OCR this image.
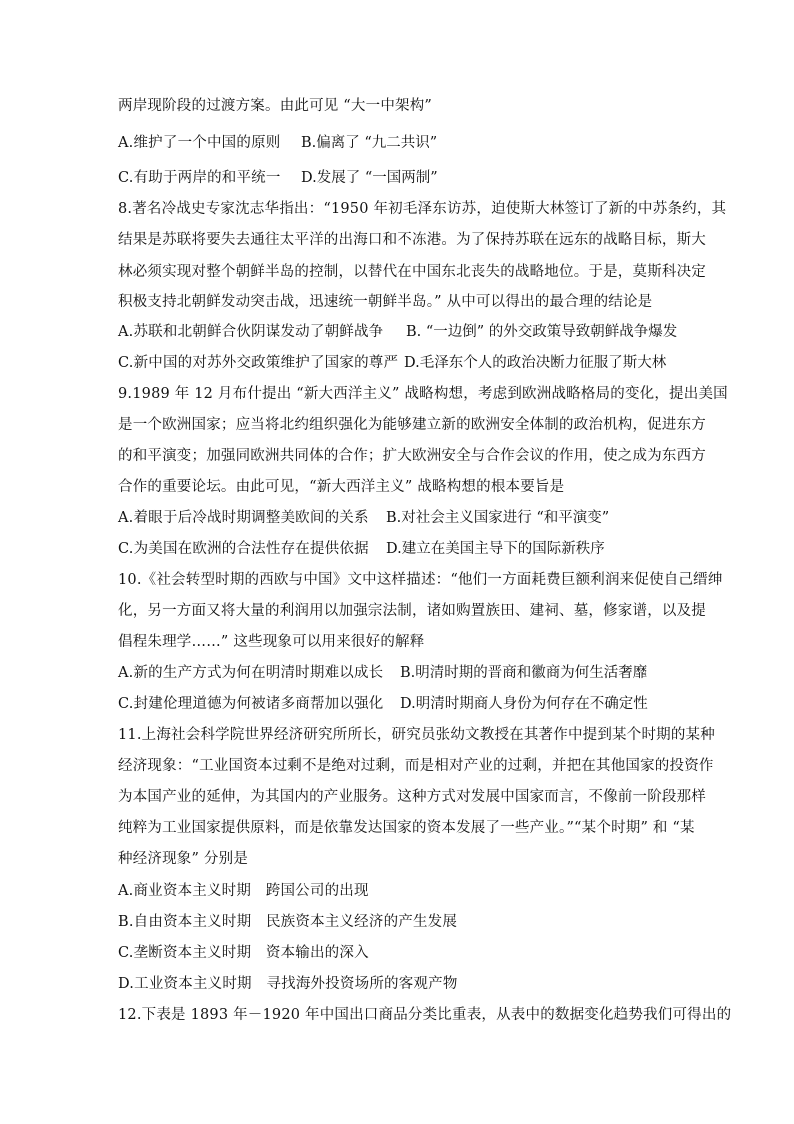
两岸现阶段的过渡方案。由此可见 “大一中架构”
A.维护了一个中国的原则 B.偏离了 “九二共识”
C.有助于两岸的和平统一 D.发展了 “一国两制”
8.著名冷战史专家沈志华指出：“1950 年初毛泽东访苏，迫使斯大林签订了新的中苏条约，其
结果是苏联将要失去通往太平洋的出海口和不冻港。为了保持苏联在远东的战略目标，斯大
林必须实现对整个朝鲜半岛的控制，以替代在中国东北丧失的战略地位。于是，莫斯科决定
积极支持北朝鲜发动突击战，迅速统一朝鲜半岛。” 从中可以得出的最合理的结论是
A.苏联和北朝鲜合伙阴谋发动了朝鲜战争 B. “一边倒” 的外交政策导致朝鲜战争爆发
C.新中国的对苏外交政策维护了国家的尊严 D.毛泽东个人的政治决断力征服了斯大林
9.1989 年 12 月布什提出 “新大西洋主义” 战略构想，考虑到欧洲战略格局的变化，提出美国
是一个欧洲国家；应当将北约组织强化为能够建立新的欧洲安全体制的政治机构，促进东方
的和平演变；加强同欧洲共同体的合作；扩大欧洲安全与合作会议的作用，使之成为东西方
合作的重要论坛。由此可见，“新大西洋主义” 战略构想的根本要旨是
A.着眼于后冷战时期调整美欧间的关系 B.对社会主义国家进行 “和平演变”
C.为美国在欧洲的合法性存在提供依据 D.建立在美国主导下的国际新秩序
10.《社会转型时期的西欧与中国》文中这样描述：“他们一方面耗费巨额利润来促使自己缙绅
化，另一方面又将大量的利润用以加强宗法制，诸如购置族田、建祠、墓，修家谱，以及提
倡程朱理学……” 这些现象可以用来很好的解释
A.新的生产方式为何在明清时期难以成长 B.明清时期的晋商和徽商为何生活奢靡
C.封建伦理道德为何被诸多商帮加以强化 D.明清时期商人身份为何存在不确定性
11.上海社会科学院世界经济研究所所长，研究员张幼文教授在其著作中提到某个时期的某种
经济现象：“工业国资本过剩不是绝对过剩，而是相对产业的过剩，并把在其他国家的投资作
为本国产业的延伸，为其国内的产业服务。这种方式对发展中国家而言，不像前一阶段那样
纯粹为工业国家提供原料，而是依靠发达国家的资本发展了一些产业。”“某个时期” 和 “某
种经济现象” 分别是
A.商业资本主义时期　跨国公司的出现
B.自由资本主义时期　民族资本主义经济的产生发展
C.垄断资本主义时期　资本输出的深入
D.工业资本主义时期　寻找海外投资场所的客观产物
12.下表是 1893 年－1920 年中国出口商品分类比重表，从表中的数据变化趋势我们可得出的
